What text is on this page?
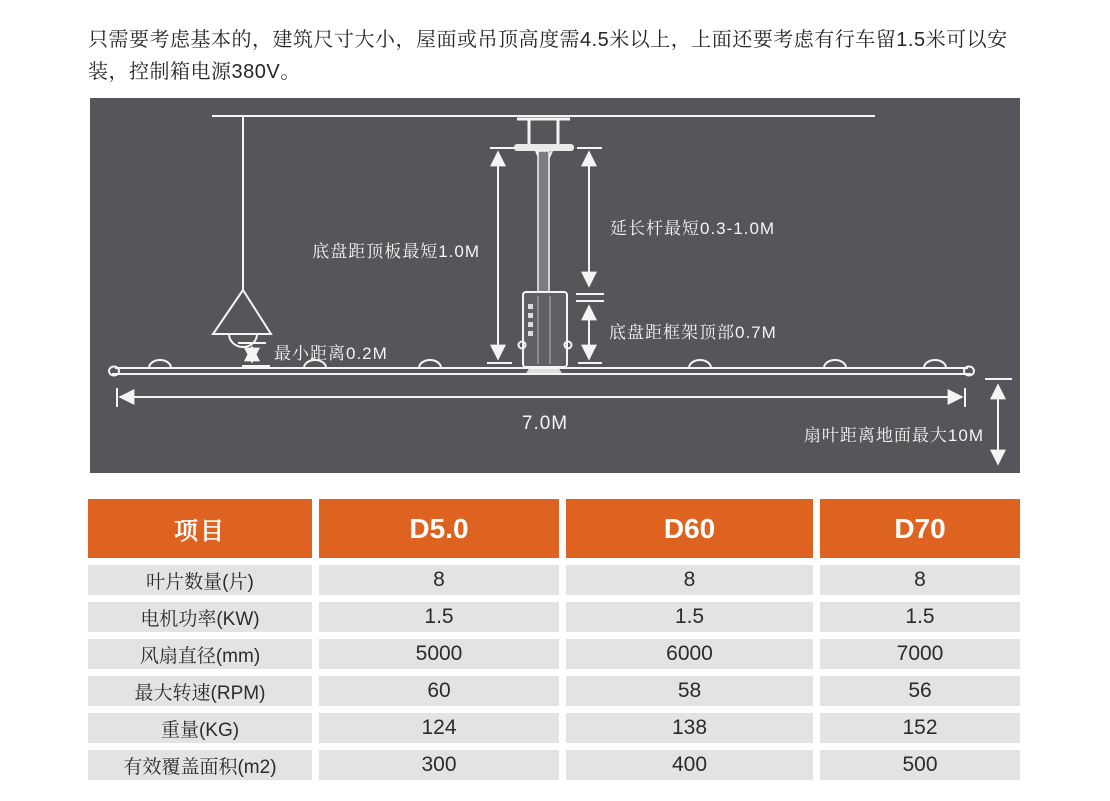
只需要考虑基本的，建筑尺寸大小，屋面或吊顶高度需4.5米以上，上面还要考虑有行车留1.5米可以安
装，控制箱电源380V。
底盘距顶板最短1.0M
延长杆最短0.3-1.0M
底盘距框架顶部0.7M
最小距离0.2M
7.0M
扇叶距离地面最大10M
项目	D5.0	D60	D70
叶片数量(片)	8	8	8
电机功率(KW)	1.5	1.5	1.5
风扇直径(mm)	5000	6000	7000
最大转速(RPM)	60	58	56
重量(KG)	124	138	152
有效覆盖面积(m2)	300	400	500
